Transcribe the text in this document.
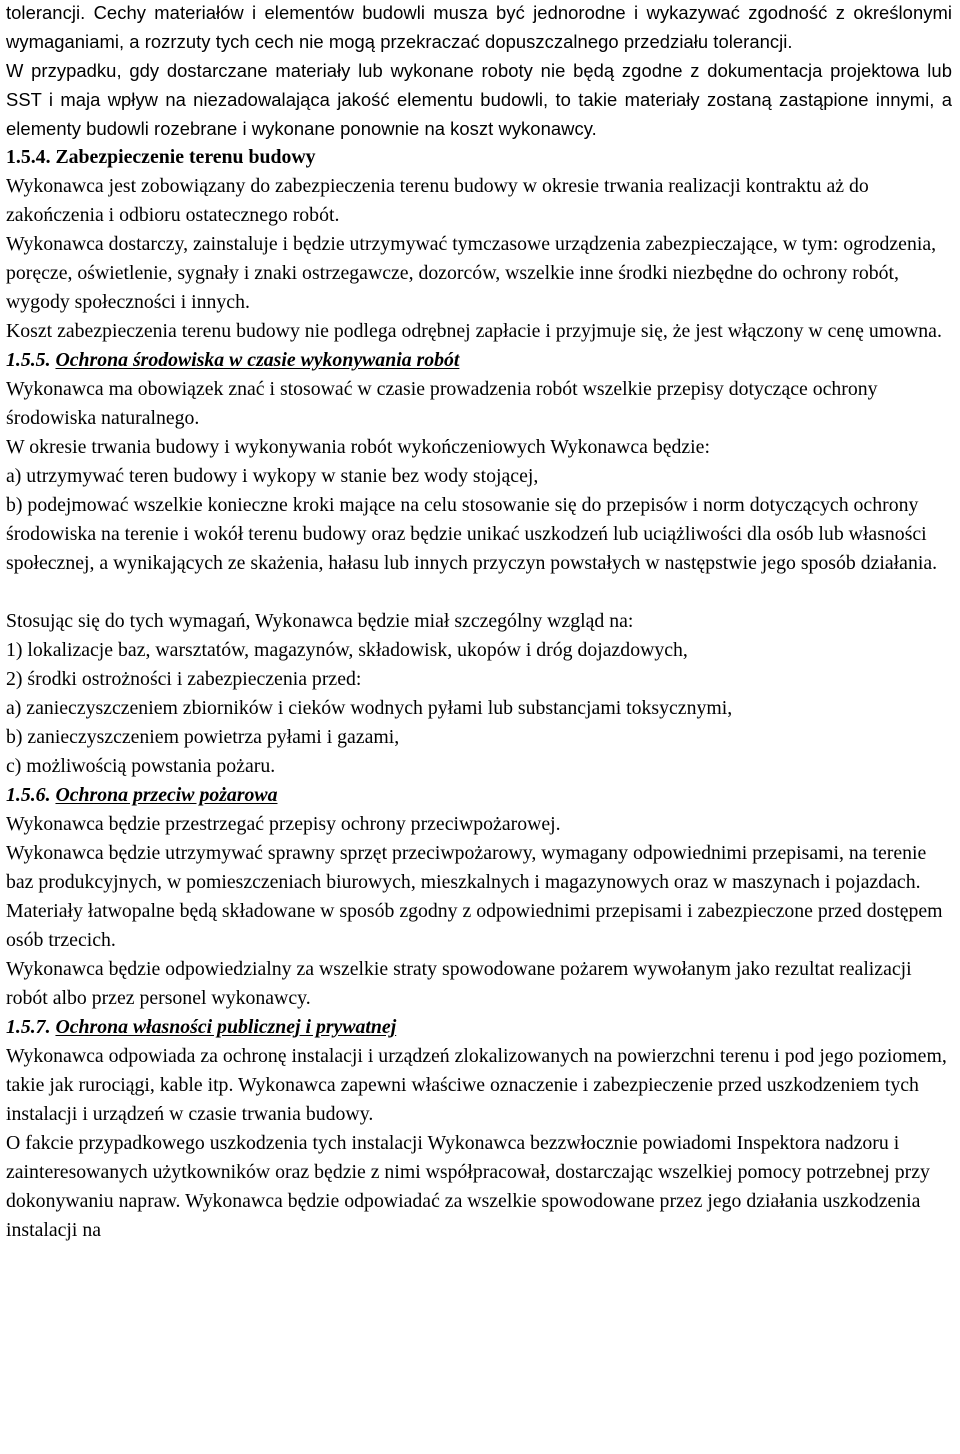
tolerancji. Cechy materiałów i elementów budowli musza być jednorodne i wykazywać zgodność z określonymi wymaganiami, a rozrzuty tych cech nie mogą przekraczać dopuszczalnego przedziału tolerancji.

W przypadku, gdy dostarczane materiały lub wykonane roboty nie będą zgodne z dokumentacja projektowa lub SST i maja wpływ na niezadowalająca jakość elementu budowli, to takie materiały zostaną zastąpione innymi, a elementy budowli rozebrane i wykonane ponownie na koszt wykonawcy.

1.5.4. Zabezpieczenie terenu budowy

Wykonawca jest zobowiązany do zabezpieczenia terenu budowy w okresie trwania realizacji kontraktu aż do zakończenia i odbioru ostatecznego robót.

Wykonawca dostarczy, zainstaluje i będzie utrzymywać tymczasowe urządzenia zabezpieczające, w tym: ogrodzenia, poręcze, oświetlenie, sygnały i znaki ostrzegawcze, dozorców, wszelkie inne środki niezbędne do ochrony robót, wygody społeczności i innych.

Koszt zabezpieczenia terenu budowy nie podlega odrębnej zapłacie i przyjmuje się, że jest włączony w cenę umowna.

1.5.5. Ochrona środowiska w czasie wykonywania robót

Wykonawca ma obowiązek znać i stosować w czasie prowadzenia robót wszelkie przepisy dotyczące ochrony środowiska naturalnego.

W okresie trwania budowy i wykonywania robót wykończeniowych Wykonawca będzie:

a) utrzymywać teren budowy i wykopy w stanie bez wody stojącej,

b) podejmować wszelkie konieczne kroki mające na celu stosowanie się do przepisów i norm dotyczących ochrony środowiska na terenie i wokół terenu budowy oraz będzie unikać uszkodzeń lub uciążliwości dla osób lub własności społecznej, a wynikających ze skażenia, hałasu lub innych przyczyn powstałych w następstwie jego sposób działania.

Stosując się do tych wymagań, Wykonawca będzie miał szczególny wzgląd na:

1) lokalizacje baz, warsztatów, magazynów, składowisk, ukopów i dróg dojazdowych,

2) środki ostrożności i zabezpieczenia przed:

a) zanieczyszczeniem zbiorników i cieków wodnych pyłami lub substancjami toksycznymi,

b) zanieczyszczeniem powietrza pyłami i gazami,

c) możliwością powstania pożaru.

1.5.6. Ochrona przeciw pożarowa

Wykonawca będzie przestrzegać przepisy ochrony przeciwpożarowej.

Wykonawca będzie utrzymywać sprawny sprzęt przeciwpożarowy, wymagany odpowiednimi przepisami, na terenie baz produkcyjnych, w pomieszczeniach biurowych, mieszkalnych i magazynowych oraz w maszynach i pojazdach.

Materiały łatwopalne będą składowane w sposób zgodny z odpowiednimi przepisami i zabezpieczone przed dostępem osób trzecich.

Wykonawca będzie odpowiedzialny za wszelkie straty spowodowane pożarem wywołanym jako rezultat realizacji robót albo przez personel wykonawcy.

1.5.7. Ochrona własności publicznej i prywatnej

Wykonawca odpowiada za ochronę instalacji i urządzeń zlokalizowanych na powierzchni terenu i pod jego poziomem, takie jak rurociągi, kable itp. Wykonawca zapewni właściwe oznaczenie i zabezpieczenie przed uszkodzeniem tych instalacji i urządzeń w czasie trwania budowy.

O fakcie przypadkowego uszkodzenia tych instalacji Wykonawca bezzwłocznie powiadomi Inspektora nadzoru i zainteresowanych użytkowników oraz będzie z nimi współpracował, dostarczając wszelkiej pomocy potrzebnej przy dokonywaniu napraw. Wykonawca będzie odpowiadać za wszelkie spowodowane przez jego działania uszkodzenia instalacji na
